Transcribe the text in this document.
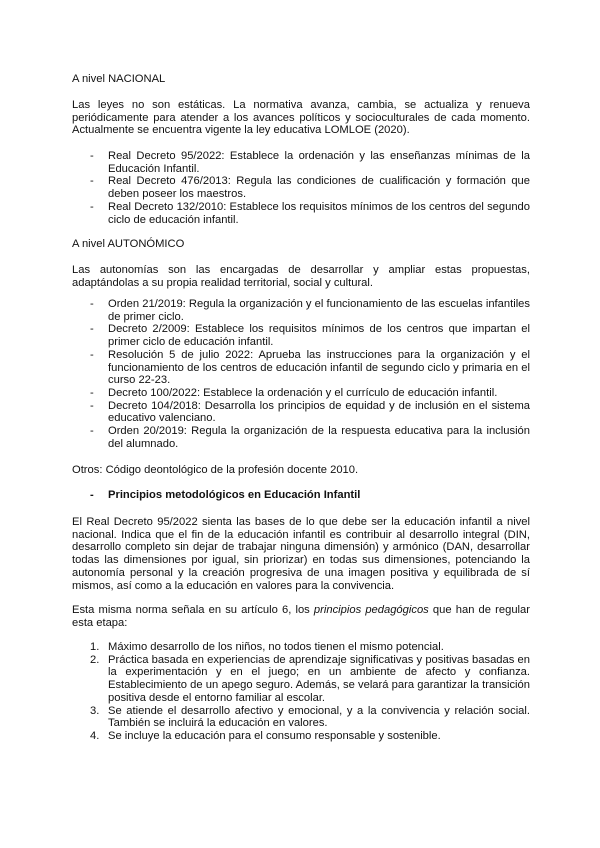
A nivel NACIONAL

Las leyes no son estáticas. La normativa avanza, cambia, se actualiza y renueva periódicamente para atender a los avances políticos y socioculturales de cada momento. Actualmente se encuentra vigente la ley educativa LOMLOE (2020).

- Real Decreto 95/2022: Establece la ordenación y las enseñanzas mínimas de la Educación Infantil.
- Real Decreto 476/2013: Regula las condiciones de cualificación y formación que deben poseer los maestros.
- Real Decreto 132/2010: Establece los requisitos mínimos de los centros del segundo ciclo de educación infantil.

A nivel AUTONÓMICO

Las autonomías son las encargadas de desarrollar y ampliar estas propuestas, adaptándolas a su propia realidad territorial, social y cultural.

- Orden 21/2019: Regula la organización y el funcionamiento de las escuelas infantiles de primer ciclo.
- Decreto 2/2009: Establece los requisitos mínimos de los centros que impartan el primer ciclo de educación infantil.
- Resolución 5 de julio 2022: Aprueba las instrucciones para la organización y el funcionamiento de los centros de educación infantil de segundo ciclo y primaria en el curso 22-23.
- Decreto 100/2022: Establece la ordenación y el currículo de educación infantil.
- Decreto 104/2018: Desarrolla los principios de equidad y de inclusión en el sistema educativo valenciano.
- Orden 20/2019: Regula la organización de la respuesta educativa para la inclusión del alumnado.

Otros: Código deontológico de la profesión docente 2010.

- Principios metodológicos en Educación Infantil

El Real Decreto 95/2022 sienta las bases de lo que debe ser la educación infantil a nivel nacional. Indica que el fin de la educación infantil es contribuir al desarrollo integral (DIN, desarrollo completo sin dejar de trabajar ninguna dimensión) y armónico (DAN, desarrollar todas las dimensiones por igual, sin priorizar) en todas sus dimensiones, potenciando la autonomía personal y la creación progresiva de una imagen positiva y equilibrada de sí mismos, así como a la educación en valores para la convivencia.

Esta misma norma señala en su artículo 6, los principios pedagógicos que han de regular esta etapa:

1. Máximo desarrollo de los niños, no todos tienen el mismo potencial.
2. Práctica basada en experiencias de aprendizaje significativas y positivas basadas en la experimentación y en el juego; en un ambiente de afecto y confianza. Establecimiento de un apego seguro. Además, se velará para garantizar la transición positiva desde el entorno familiar al escolar.
3. Se atiende el desarrollo afectivo y emocional, y a la convivencia y relación social. También se incluirá la educación en valores.
4. Se incluye la educación para el consumo responsable y sostenible.
